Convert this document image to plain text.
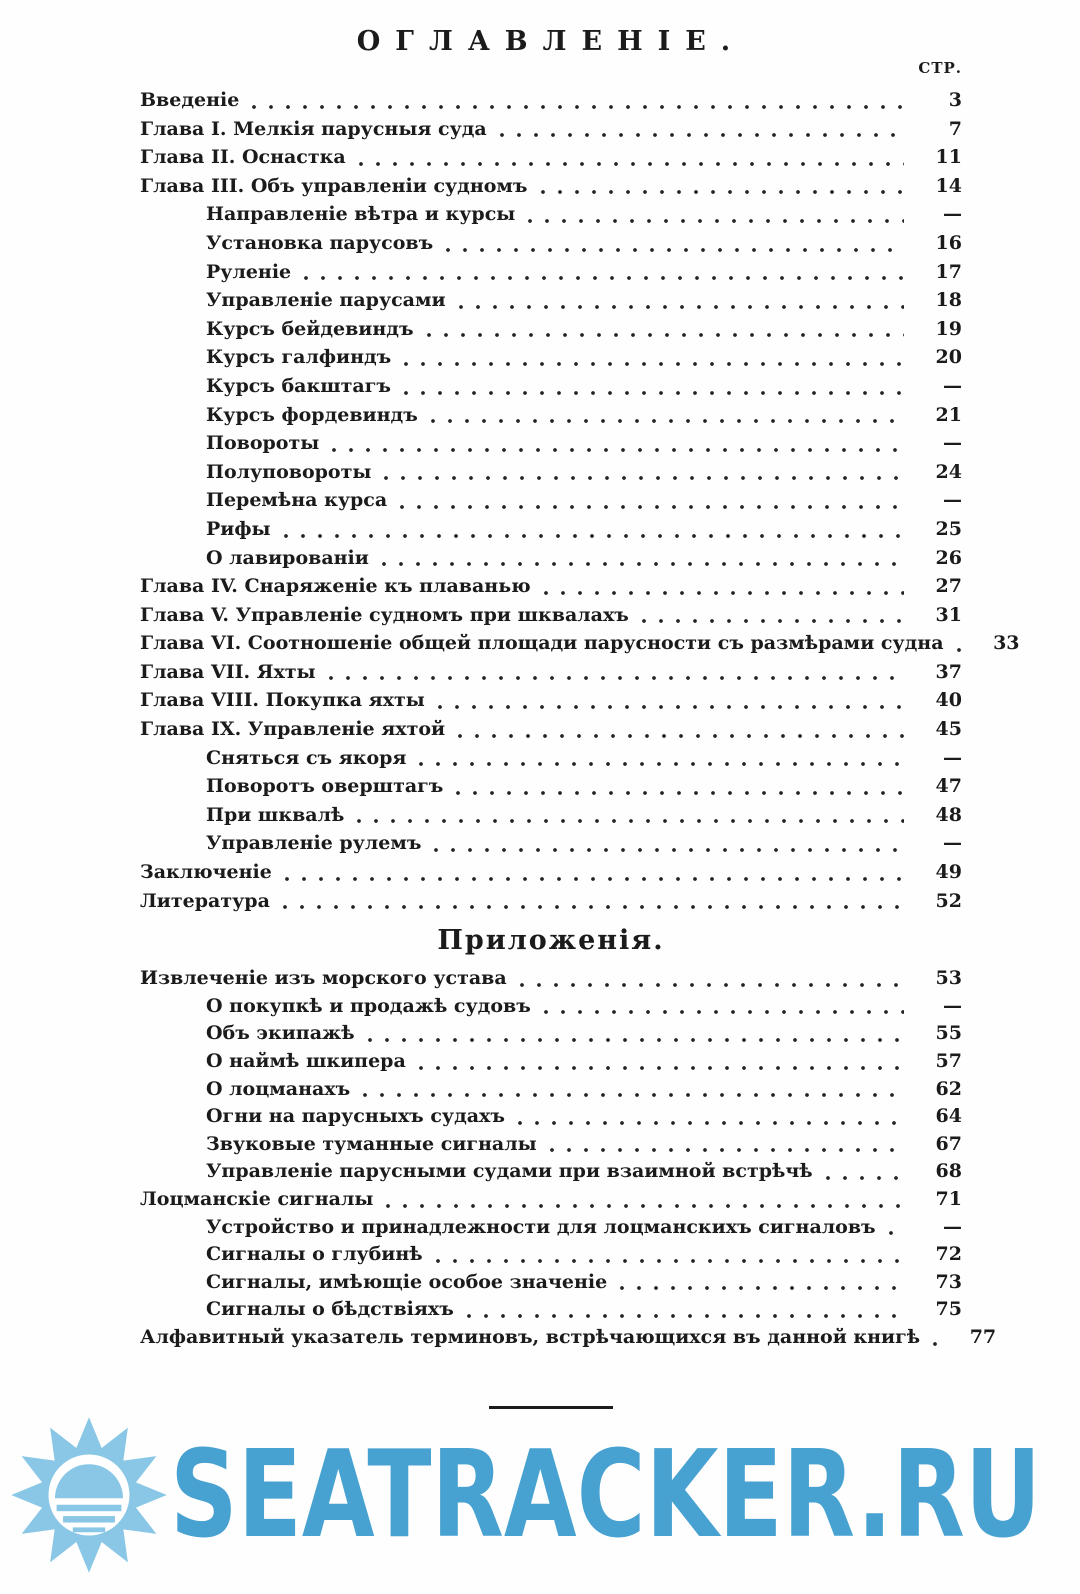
ОГЛАВЛЕНІЕ.
СТР.
Введеніе	3
Глава I. Мелкія парусныя суда	7
Глава II. Оснастка	11
Глава III. Объ управленіи судномъ	14
Направленіе вѣтра и курсы	—
Установка парусовъ	16
Руленіе	17
Управленіе парусами	18
Курсъ бейдевиндъ	19
Курсъ галфиндъ	20
Курсъ бакштагъ	—
Курсъ фордевиндъ	21
Повороты	—
Полуповороты	24
Перемѣна курса	—
Рифы	25
О лавированіи	26
Глава IV. Снаряженіе къ плаванью	27
Глава V. Управленіе судномъ при шквалахъ	31
Глава VI. Соотношеніе общей площади парусности съ размѣрами судна	33
Глава VII. Яхты	37
Глава VIII. Покупка яхты	40
Глава IX. Управленіе яхтой	45
Сняться съ якоря	—
Поворотъ оверштагъ	47
При шквалѣ	48
Управленіе рулемъ	—
Заключеніе	49
Литература	52
Приложенія.
Извлеченіе изъ морского устава	53
О покупкѣ и продажѣ судовъ	—
Объ экипажѣ	55
О наймѣ шкипера	57
О лоцманахъ	62
Огни на парусныхъ судахъ	64
Звуковые туманные сигналы	67
Управленіе парусными судами при взаимной встрѣчѣ	68
Лоцманскіе сигналы	71
Устройство и принадлежности для лоцманскихъ сигналовъ	—
Сигналы о глубинѣ	72
Сигналы, имѣющіе особое значеніе	73
Сигналы о бѣдствіяхъ	75
Алфавитный указатель терминовъ, встрѣчающихся въ данной книгѣ	77
SEATRACKER.RU
